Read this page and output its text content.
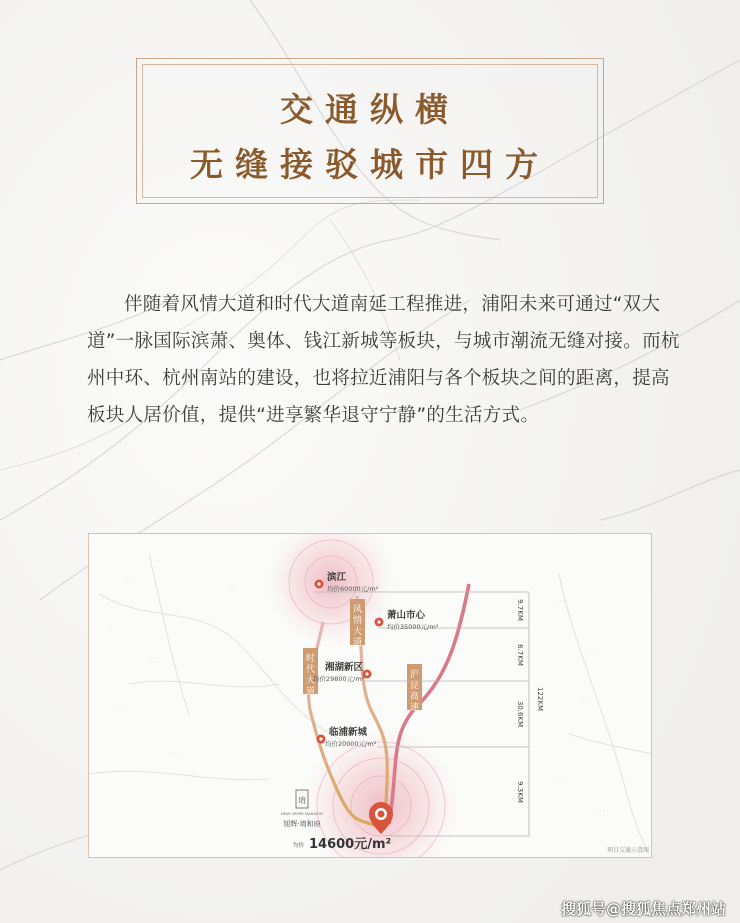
交通纵横
无缝接驳城市四方
伴随着风情大道和时代大道南延工程推进，浦阳未来可通过“双大道”一脉国际滨萧、奥体、钱江新城等板块，与城市潮流无缝对接。而杭州中环、杭州南站的建设，也将拉近浦阳与各个板块之间的距离，提高板块人居价值，提供“进享繁华退守宁静”的生活方式。
· · ·
· ·
· · ·
· ·
· · ·
· ·
· · ·
· ·
· · ·
· ·
· · ·
风情大道
时代大道
沪昆高速
滨江
均价60000元/m²
萧山市心
均价35000元/m²
湘湖新区
均价29800元/m²
临浦新城
均价20000元/m²
9.7KM
6.7KM
30.6KM
9.3KM
122KM
堉
NEW UPPER MANSION
旭辉·堉和府
均价 14600元/m²	项目交通示意图
搜狐号@搜狐焦点郑州站
